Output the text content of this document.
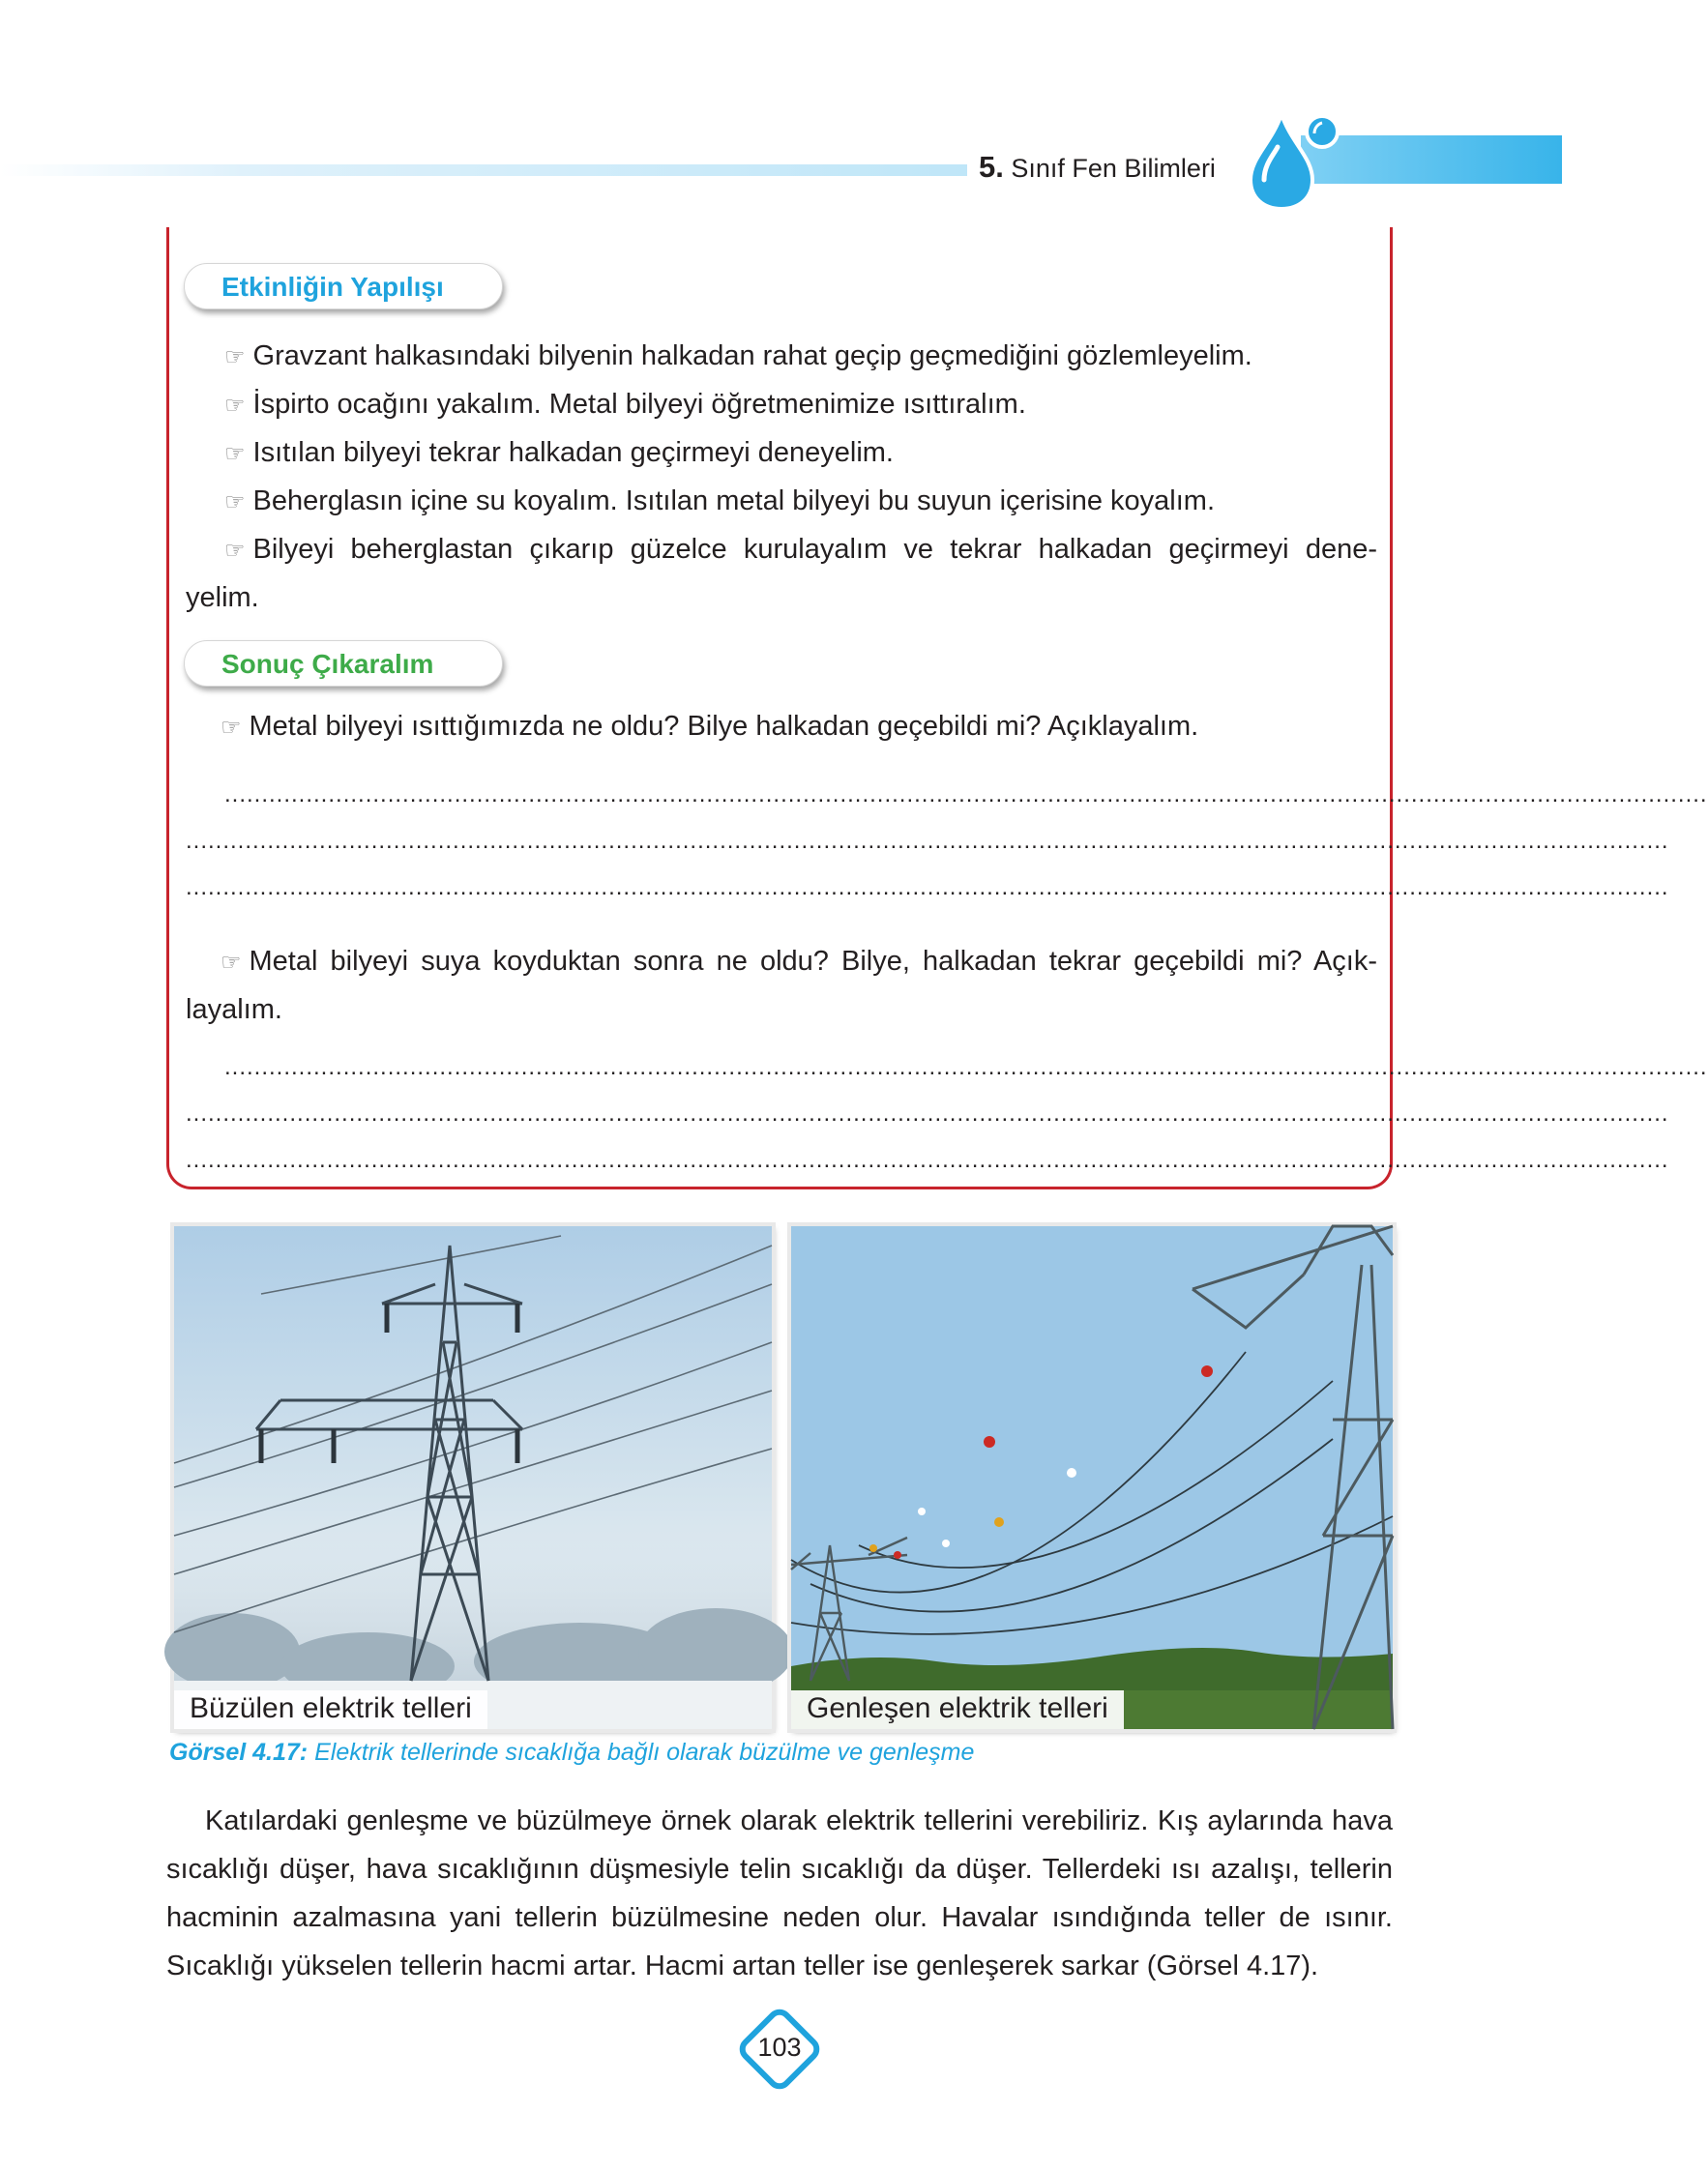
5. Sınıf Fen Bilimleri
Etkinliğin Yapılışı
☞ Gravzant halkasındaki bilyenin halkadan rahat geçip geçmediğini gözlemleyelim.
☞ İspirto ocağını yakalım. Metal bilyeyi öğretmenimize ısıttıralım.
☞ Isıtılan bilyeyi tekrar halkadan geçirmeyi deneyelim.
☞ Beherglasın içine su koyalım. Isıtılan metal bilyeyi bu suyun içerisine koyalım.
☞ Bilyeyi beherglastan çıkarıp güzelce kurulayalım ve tekrar halkadan geçirmeyi dene-
yelim.
Sonuç Çıkaralım
☞ Metal bilyeyi ısıttığımızda ne oldu? Bilye halkadan geçebildi mi? Açıklayalım.
........................................................................................................................................................................................................
........................................................................................................................................................................................................
........................................................................................................................................................................................................
☞ Metal bilyeyi suya koyduktan sonra ne oldu? Bilye, halkadan tekrar geçebildi mi? Açık-
layalım.
........................................................................................................................................................................................................
........................................................................................................................................................................................................
........................................................................................................................................................................................................
Büzülen elektrik telleri	Genleşen elektrik telleri
Görsel 4.17: Elektrik tellerinde sıcaklığa bağlı olarak büzülme ve genleşme
Katılardaki genleşme ve büzülmeye örnek olarak elektrik tellerini verebiliriz. Kış aylarında hava
sıcaklığı düşer, hava sıcaklığının düşmesiyle telin sıcaklığı da düşer. Tellerdeki ısı azalışı, tellerin
hacminin azalmasına yani tellerin büzülmesine neden olur. Havalar ısındığında teller de ısınır.
Sıcaklığı yükselen tellerin hacmi artar. Hacmi artan teller ise genleşerek sarkar (Görsel 4.17).
103
